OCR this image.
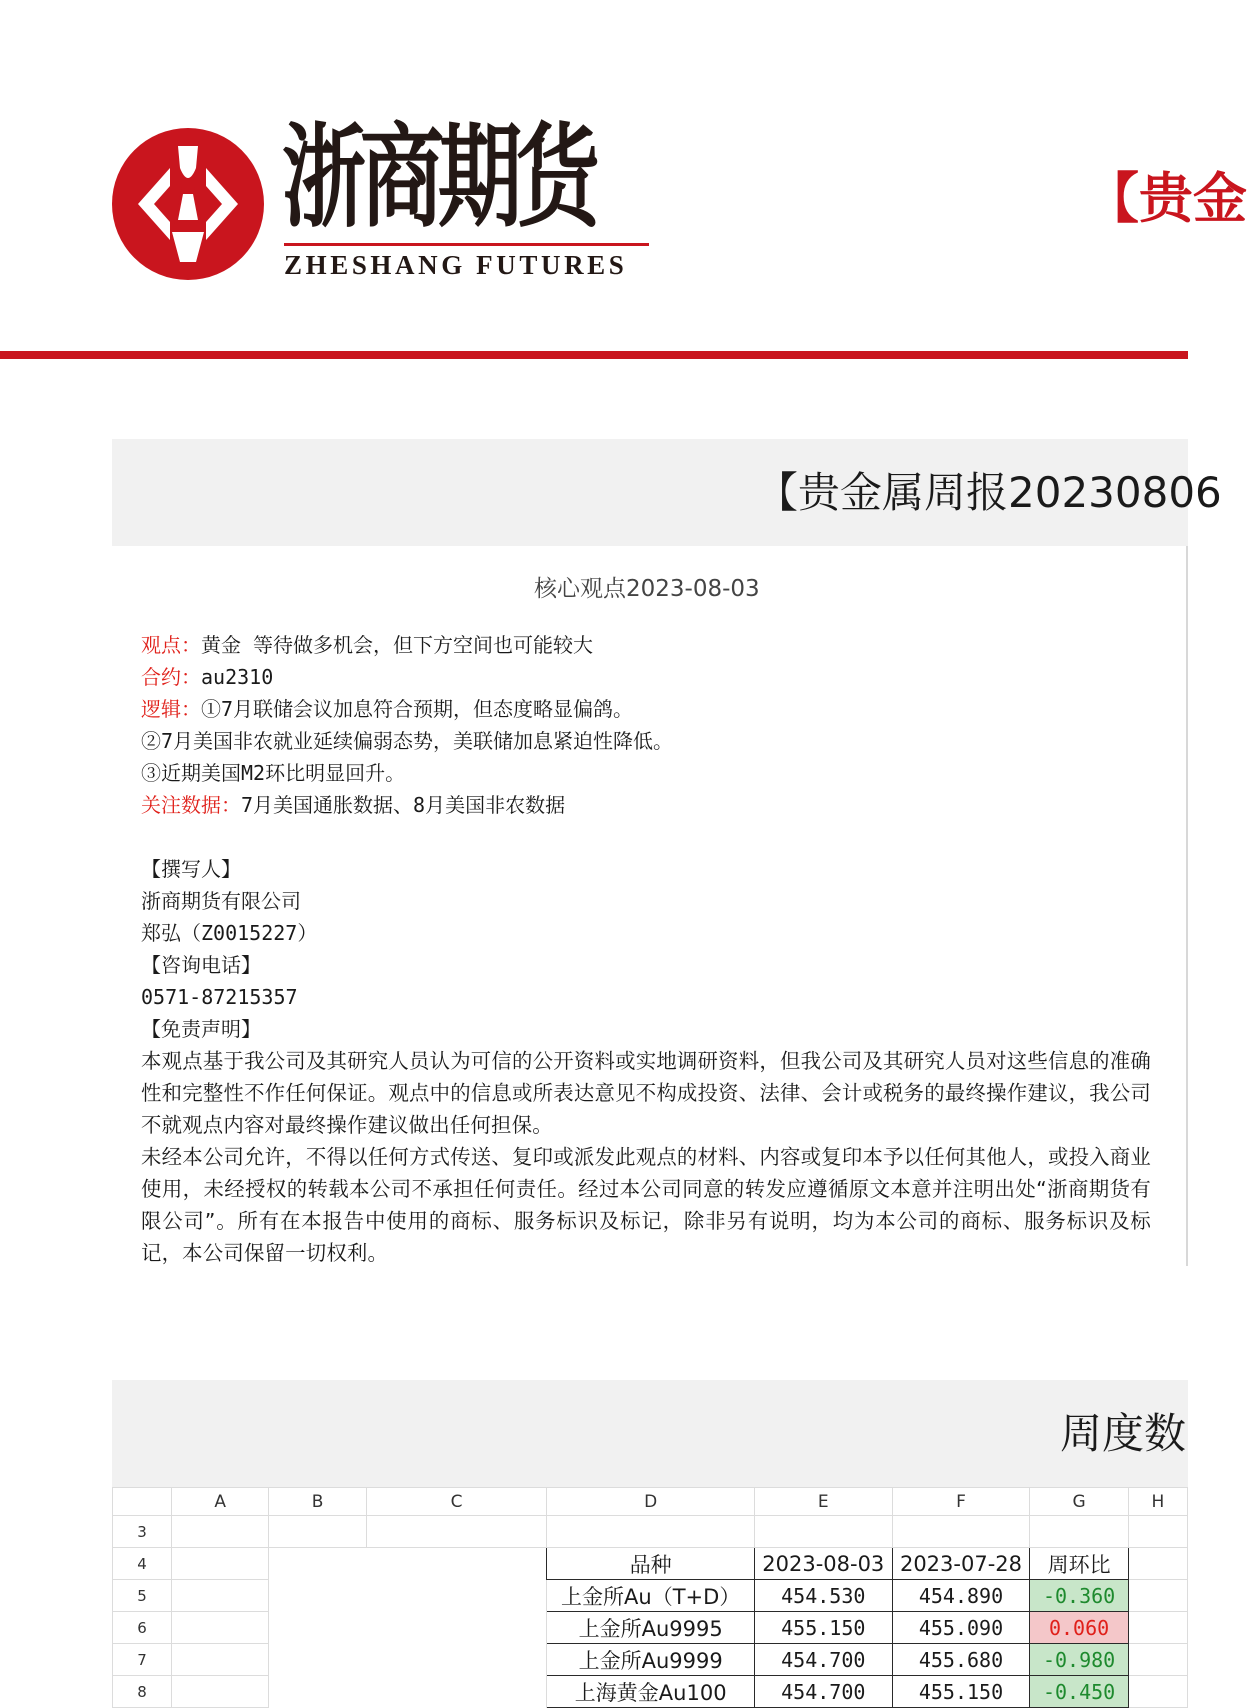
浙商期货
ZHESHANG FUTURES
【贵金
【贵金属周报20230806
核心观点2023-08-03
观点：黄金 等待做多机会，但下方空间也可能较大
合约：au2310
逻辑：①7月联储会议加息符合预期，但态度略显偏鸽。
②7月美国非农就业延续偏弱态势，美联储加息紧迫性降低。
③近期美国M2环比明显回升。
关注数据：7月美国通胀数据、8月美国非农数据
【撰写人】
浙商期货有限公司
郑弘（Z0015227）
【咨询电话】
0571-87215357
【免责声明】
本观点基于我公司及其研究人员认为可信的公开资料或实地调研资料，但我公司及其研究人员对这些信息的准确性和完整性不作任何保证。观点中的信息或所表达意见不构成投资、法律、会计或税务的最终操作建议，我公司不就观点内容对最终操作建议做出任何担保。
未经本公司允许，不得以任何方式传送、复印或派发此观点的材料、内容或复印本予以任何其他人，或投入商业使用，未经授权的转载本公司不承担任何责任。经过本公司同意的转发应遵循原文本意并注明出处“浙商期货有限公司”。所有在本报告中使用的商标、服务标识及标记，除非另有说明，均为本公司的商标、服务标识及标记，本公司保留一切权利。
周度数
	A	B	C	D	E	F	G	H
3								
4				品种	2023-08-03	2023-07-28	周环比	
5				上金所Au（T+D）	454.530	454.890	-0.360	
6				上金所Au9995	455.150	455.090	0.060	
7				上金所Au9999	454.700	455.680	-0.980	
8				上海黄金Au100	454.700	455.150	-0.450	
